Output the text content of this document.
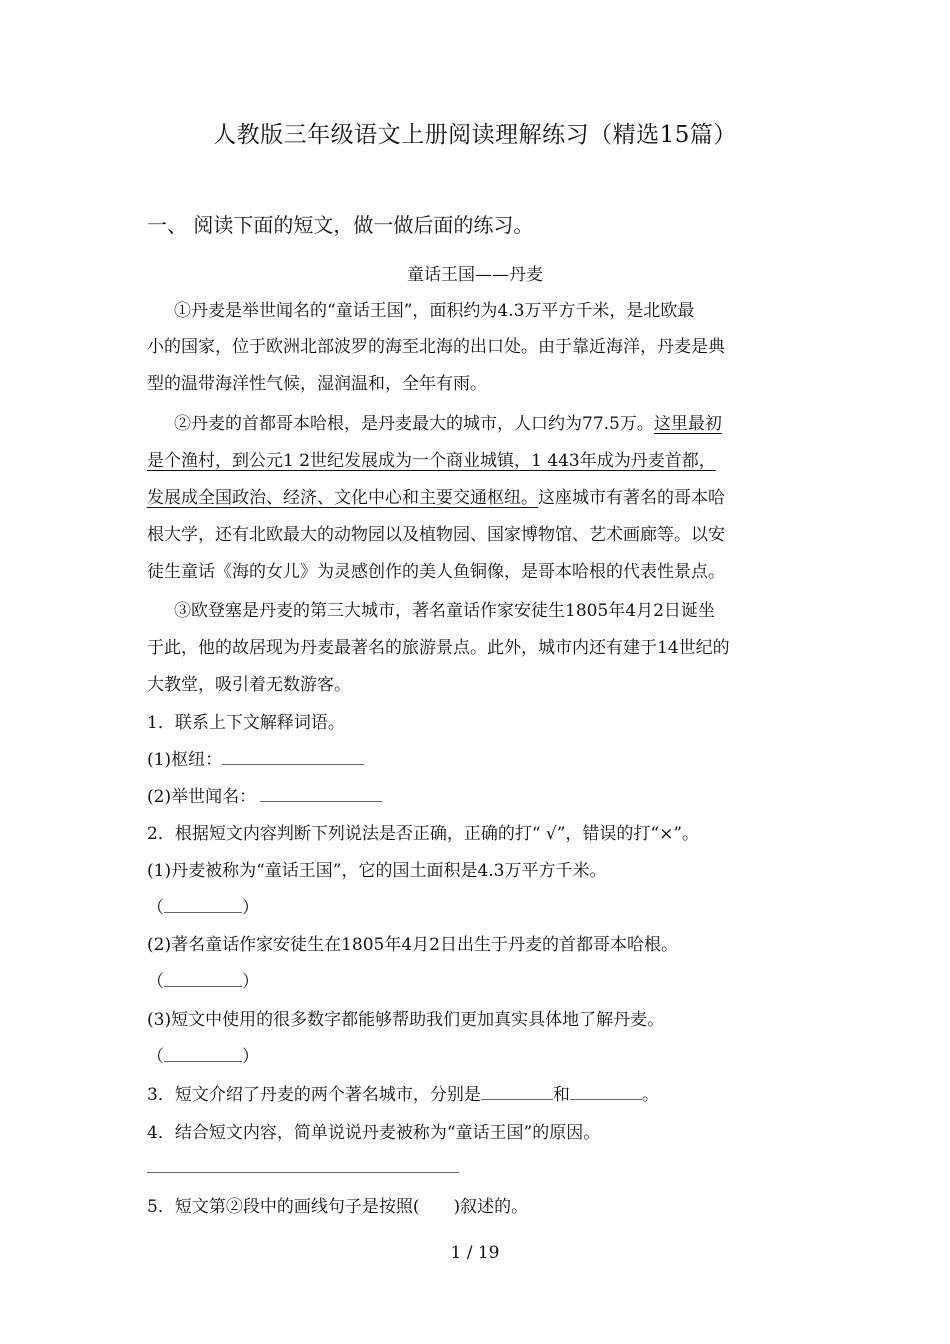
人教版三年级语文上册阅读理解练习（精选15篇）
一、 阅读下面的短文，做一做后面的练习。
童话王国——丹麦
①丹麦是举世闻名的“童话王国”，面积约为4.3万平方千米，是北欧最
小的国家，位于欧洲北部波罗的海至北海的出口处。由于靠近海洋，丹麦是典
型的温带海洋性气候，湿润温和，全年有雨。
②丹麦的首都哥本哈根，是丹麦最大的城市，人口约为77.5万。这里最初
是个渔村，到公元1 2世纪发展成为一个商业城镇，1 443年成为丹麦首都，
发展成全国政治、经济、文化中心和主要交通枢纽。这座城市有著名的哥本哈
根大学，还有北欧最大的动物园以及植物园、国家博物馆、艺术画廊等。以安
徒生童话《海的女儿》为灵感创作的美人鱼铜像，是哥本哈根的代表性景点。
③欧登塞是丹麦的第三大城市，著名童话作家安徒生1805年4月2日诞坐
于此，他的故居现为丹麦最著名的旅游景点。此外，城市内还有建于14世纪的
大教堂，吸引着无数游客。
1．联系上下文解释词语。
(1)枢纽：
(2)举世闻名：
2．根据短文内容判断下列说法是否正确，正确的打“ √”，错误的打“×”。
(1)丹麦被称为“童话王国”，它的国土面积是4.3万平方千米。
（	）
(2)著名童话作家安徒生在1805年4月2日出生于丹麦的首都哥本哈根。
（	）
(3)短文中使用的很多数字都能够帮助我们更加真实具体地了解丹麦。
（	）
3．短文介绍了丹麦的两个著名城市，分别是	和	。
4．结合短文内容，简单说说丹麦被称为“童话王国”的原因。
5．短文第②段中的画线句子是按照(　　)叙述的。
1 / 19
